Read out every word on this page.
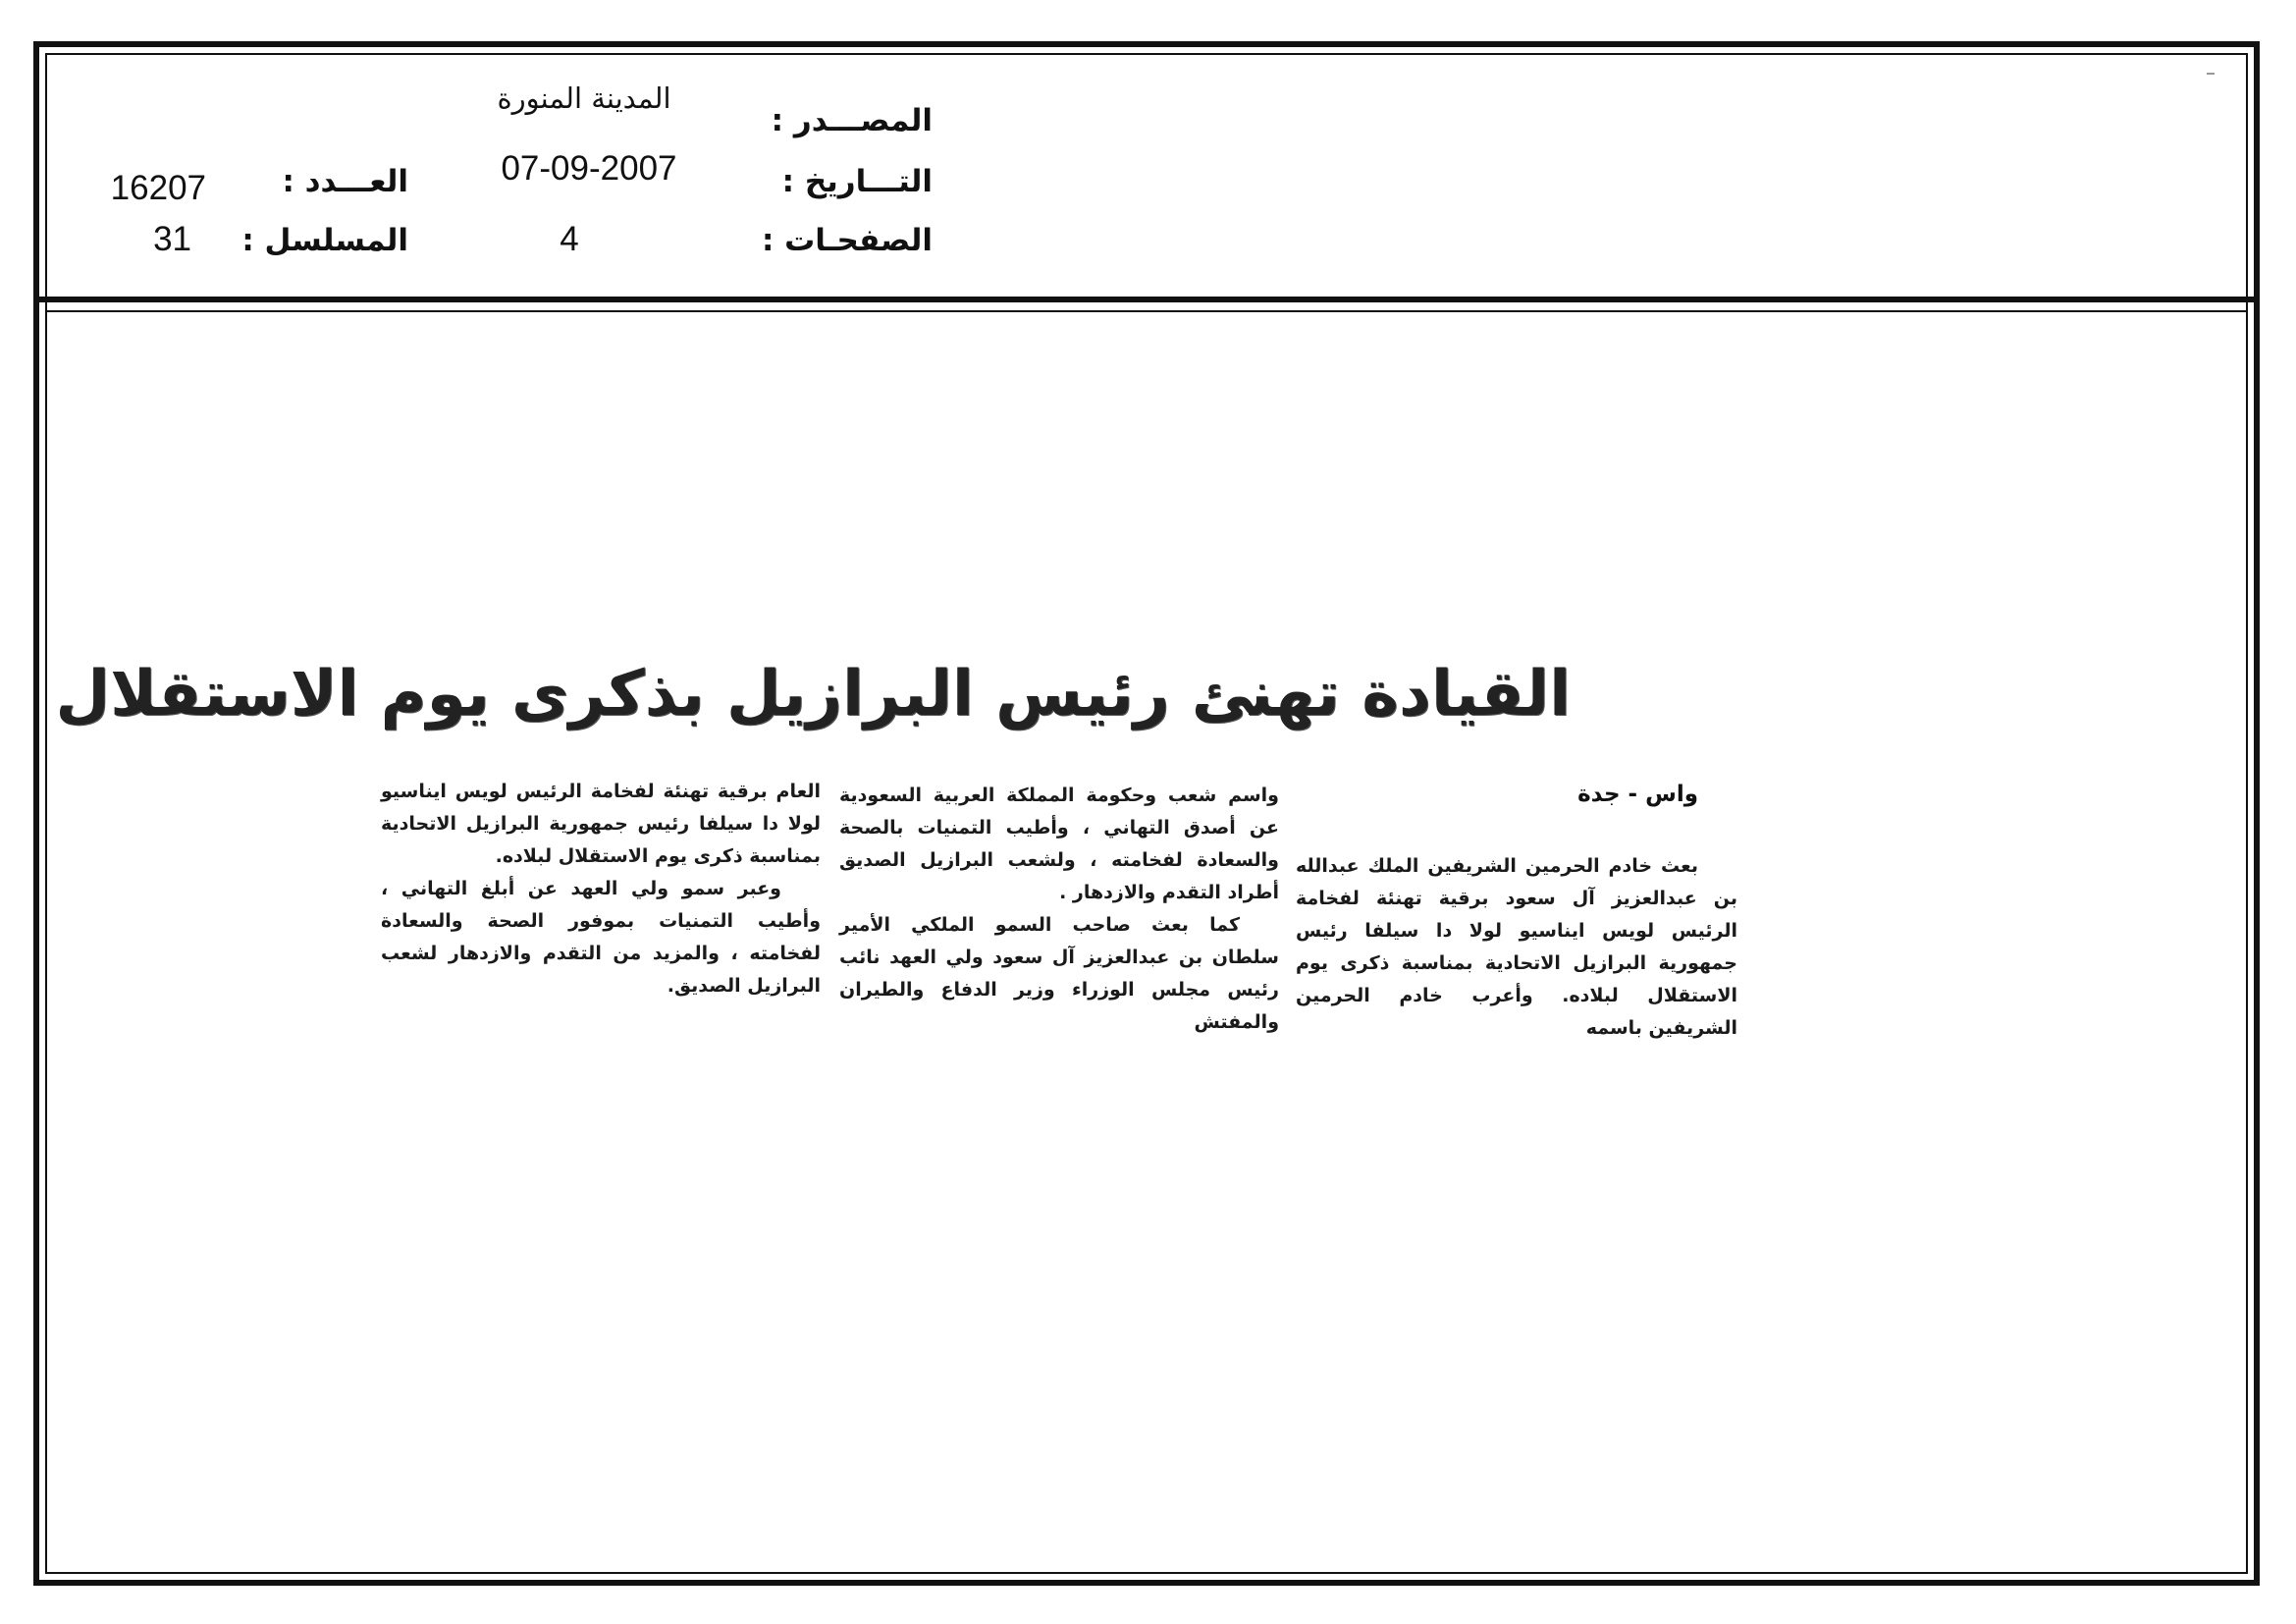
المصـــدر :
المدينة المنورة
التـــاريخ :
07-09-2007
الصفحـات :
4
العـــدد :
16207
المسلسل :
31
القيادة تهنئ رئيس البرازيل بذكرى يوم الاستقلال
واس - جدة

بعث خادم الحرمين الشريفين الملك عبدالله بن عبدالعزيز آل سعود برقية تهنئة لفخامة الرئيس لويس ايناسيو لولا دا سيلفا رئيس جمهورية البرازيل الاتحادية بمناسبة ذكرى يوم الاستقلال لبلاده. وأعرب خادم الحرمين الشريفين باسمه

واسم شعب وحكومة المملكة العربية السعودية عن أصدق التهاني ، وأطيب التمنيات بالصحة والسعادة لفخامته ، ولشعب البرازيل الصديق أطراد التقدم والازدهار .

كما بعث صاحب السمو الملكي الأمير سلطان بن عبدالعزيز آل سعود ولي العهد نائب رئيس مجلس الوزراء وزير الدفاع والطيران والمفتش

العام برقية تهنئة لفخامة الرئيس لويس ايناسيو لولا دا سيلفا رئيس جمهورية البرازيل الاتحادية بمناسبة ذكرى يوم الاستقلال لبلاده.

وعبر سمو ولي العهد عن أبلغ التهاني ، وأطيب التمنيات بموفور الصحة والسعادة لفخامته ، والمزيد من التقدم والازدهار لشعب البرازيل الصديق.
